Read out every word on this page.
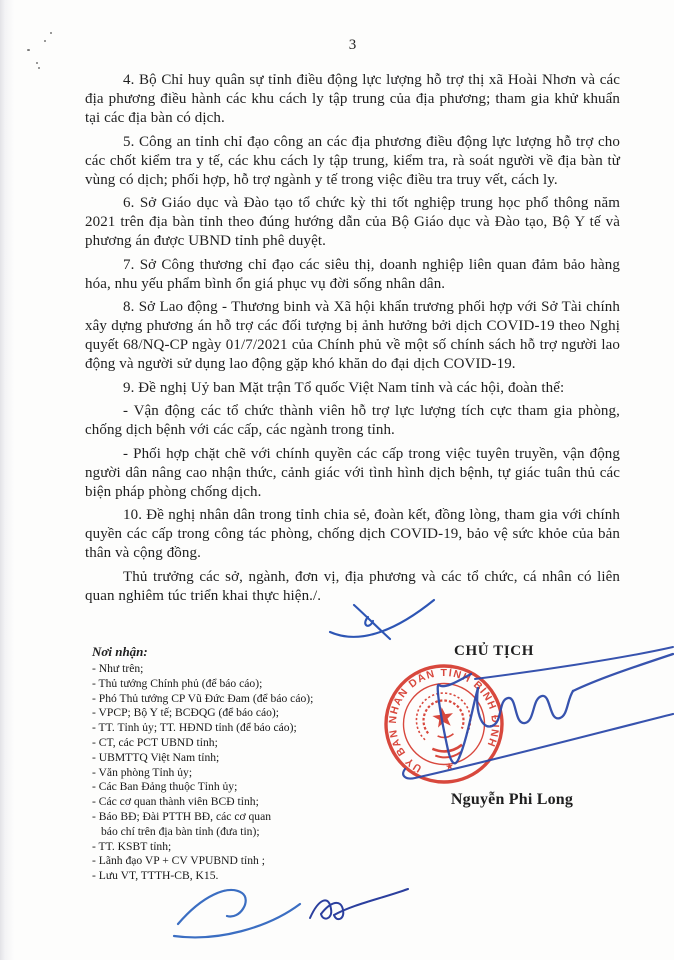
3

4. Bộ Chỉ huy quân sự tỉnh điều động lực lượng hỗ trợ thị xã Hoài Nhơn và các địa phương điều hành các khu cách ly tập trung của địa phương; tham gia khử khuẩn tại các địa bàn có dịch.

5. Công an tỉnh chỉ đạo công an các địa phương điều động lực lượng hỗ trợ cho các chốt kiểm tra y tế, các khu cách ly tập trung, kiểm tra, rà soát người về địa bàn từ vùng có dịch; phối hợp, hỗ trợ ngành y tế trong việc điều tra truy vết, cách ly.

6. Sở Giáo dục và Đào tạo tổ chức kỳ thi tốt nghiệp trung học phổ thông năm 2021 trên địa bàn tỉnh theo đúng hướng dẫn của Bộ Giáo dục và Đào tạo, Bộ Y tế và phương án được UBND tỉnh phê duyệt.

7. Sở Công thương chỉ đạo các siêu thị, doanh nghiệp liên quan đảm bảo hàng hóa, nhu yếu phẩm bình ổn giá phục vụ đời sống nhân dân.

8. Sở Lao động - Thương binh và Xã hội khẩn trương phối hợp với Sở Tài chính xây dựng phương án hỗ trợ các đối tượng bị ảnh hưởng bởi dịch COVID-19 theo Nghị quyết 68/NQ-CP ngày 01/7/2021 của Chính phủ về một số chính sách hỗ trợ người lao động và người sử dụng lao động gặp khó khăn do đại dịch COVID-19.

9. Đề nghị Uỷ ban Mặt trận Tổ quốc Việt Nam tỉnh và các hội, đoàn thể:

- Vận động các tổ chức thành viên hỗ trợ lực lượng tích cực tham gia phòng, chống dịch bệnh với các cấp, các ngành trong tỉnh.

- Phối hợp chặt chẽ với chính quyền các cấp trong việc tuyên truyền, vận động người dân nâng cao nhận thức, cảnh giác với tình hình dịch bệnh, tự giác tuân thủ các biện pháp phòng chống dịch.

10. Đề nghị nhân dân trong tỉnh chia sẻ, đoàn kết, đồng lòng, tham gia với chính quyền các cấp trong công tác phòng, chống dịch COVID-19, bảo vệ sức khỏe của bản thân và cộng đồng.

Thủ trưởng các sở, ngành, đơn vị, địa phương và các tổ chức, cá nhân có liên quan nghiêm túc triển khai thực hiện./.

Nơi nhận:
- Như trên;
- Thủ tướng Chính phủ (để báo cáo);
- Phó Thủ tướng CP Vũ Đức Đam (để báo cáo);
- VPCP; Bộ Y tế; BCĐQG (để báo cáo);
- TT. Tỉnh ủy; TT. HĐND tỉnh (để báo cáo);
- CT, các PCT UBND tỉnh;
- UBMTTQ Việt Nam tỉnh;
- Văn phòng Tỉnh ủy;
- Các Ban Đảng thuộc Tỉnh ủy;
- Các cơ quan thành viên BCĐ tỉnh;
- Báo BĐ; Đài PTTH BĐ, các cơ quan
báo chí trên địa bàn tỉnh (đưa tin);
- TT. KSBT tỉnh;
- Lãnh đạo VP + CV VPUBND tỉnh ;
- Lưu VT, TTTH-CB, K15.
CHỦ TỊCH
ỦY BAN NHÂN DÂN TỈNH BÌNH ĐỊNH
★
Nguyễn Phi Long
